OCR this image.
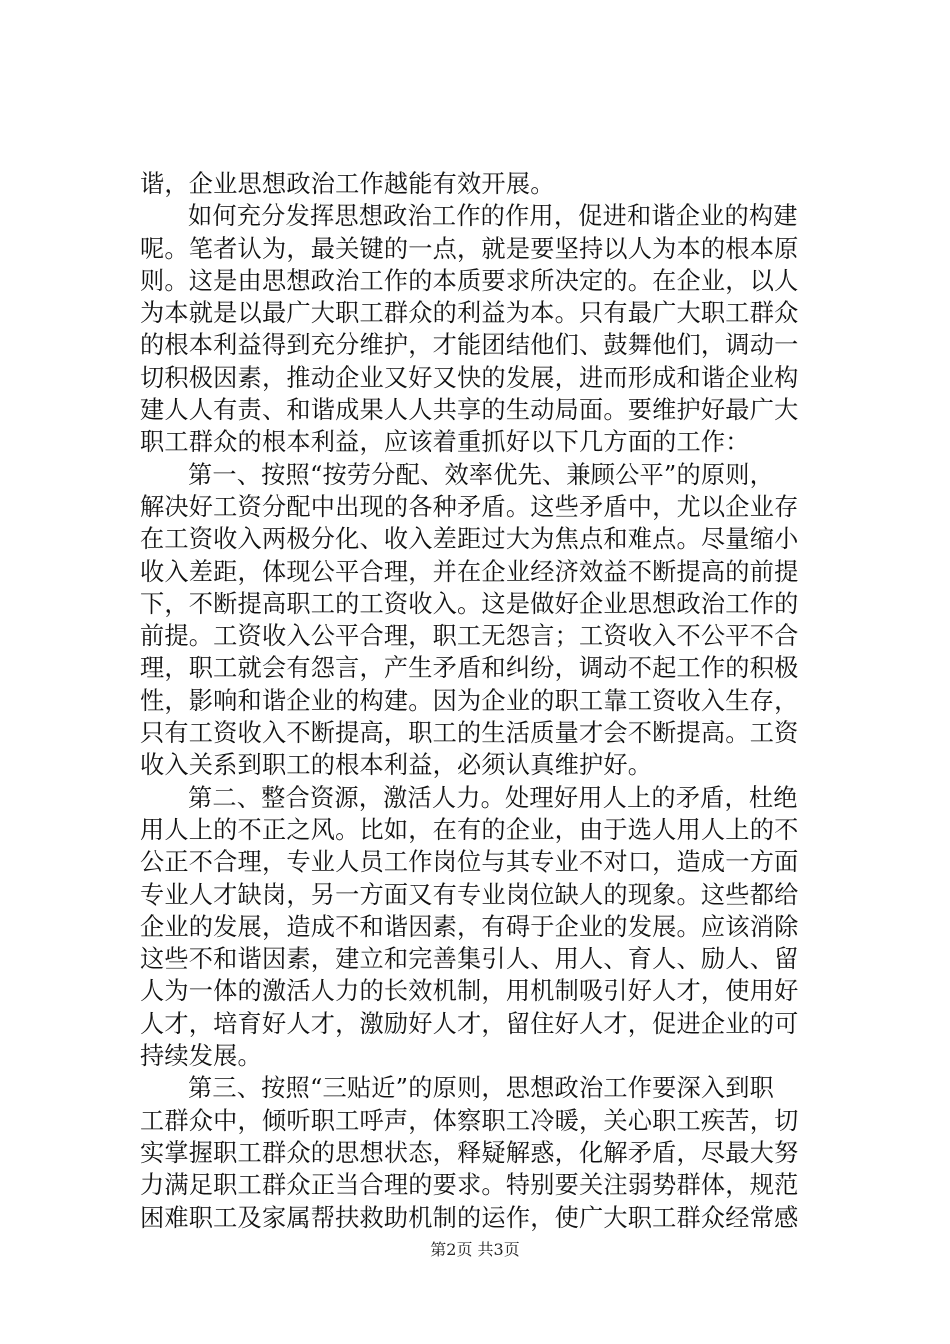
谐，企业思想政治工作越能有效开展。
如何充分发挥思想政治工作的作用，促进和谐企业的构建
呢。笔者认为，最关键的一点，就是要坚持以人为本的根本原
则。这是由思想政治工作的本质要求所决定的。在企业，以人
为本就是以最广大职工群众的利益为本。只有最广大职工群众
的根本利益得到充分维护，才能团结他们、鼓舞他们，调动一
切积极因素，推动企业又好又快的发展，进而形成和谐企业构
建人人有责、和谐成果人人共享的生动局面。要维护好最广大
职工群众的根本利益，应该着重抓好以下几方面的工作：
第一、按照“按劳分配、效率优先、兼顾公平”的原则，
解决好工资分配中出现的各种矛盾。这些矛盾中，尤以企业存
在工资收入两极分化、收入差距过大为焦点和难点。尽量缩小
收入差距，体现公平合理，并在企业经济效益不断提高的前提
下，不断提高职工的工资收入。这是做好企业思想政治工作的
前提。工资收入公平合理，职工无怨言；工资收入不公平不合
理，职工就会有怨言，产生矛盾和纠纷，调动不起工作的积极
性，影响和谐企业的构建。因为企业的职工靠工资收入生存，
只有工资收入不断提高，职工的生活质量才会不断提高。工资
收入关系到职工的根本利益，必须认真维护好。
第二、整合资源，激活人力。处理好用人上的矛盾，杜绝
用人上的不正之风。比如，在有的企业，由于选人用人上的不
公正不合理，专业人员工作岗位与其专业不对口，造成一方面
专业人才缺岗，另一方面又有专业岗位缺人的现象。这些都给
企业的发展，造成不和谐因素，有碍于企业的发展。应该消除
这些不和谐因素，建立和完善集引人、用人、育人、励人、留
人为一体的激活人力的长效机制，用机制吸引好人才，使用好
人才，培育好人才，激励好人才，留住好人才，促进企业的可
持续发展。
第三、按照“三贴近”的原则，思想政治工作要深入到职
工群众中，倾听职工呼声，体察职工冷暖，关心职工疾苦，切
实掌握职工群众的思想状态，释疑解惑，化解矛盾，尽最大努
力满足职工群众正当合理的要求。特别要关注弱势群体，规范
困难职工及家属帮扶救助机制的运作，使广大职工群众经常感
第2页 共3页
